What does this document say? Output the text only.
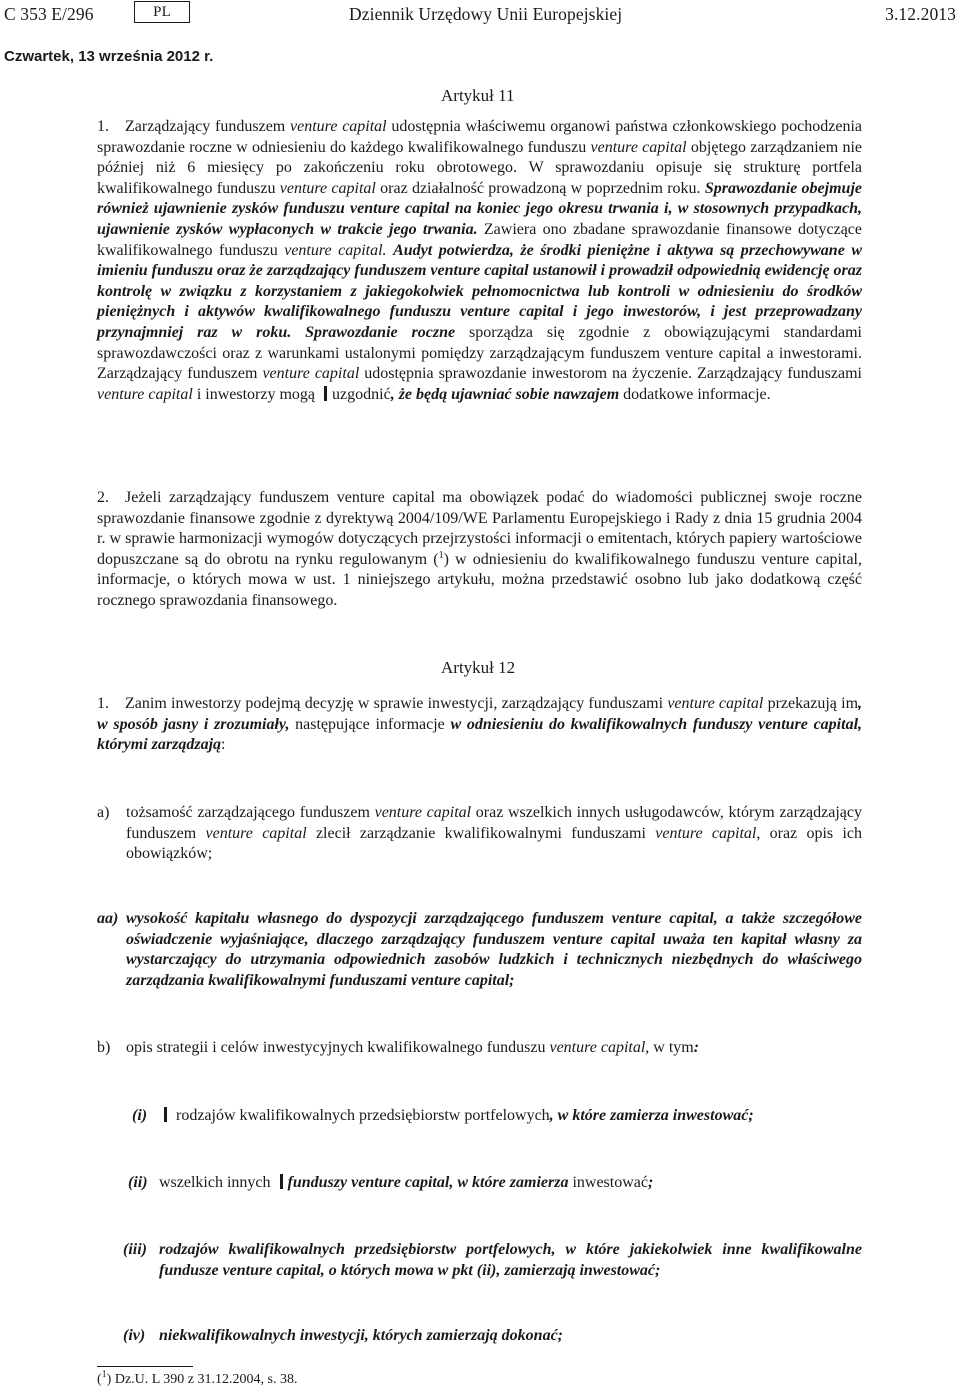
C 353 E/296	PL	Dziennik Urzędowy Unii Europejskiej	3.12.2013
Czwartek, 13 września 2012 r.
Artykuł 11

1. Zarządzający funduszem venture capital udostępnia właściwemu organowi państwa członkowskiego pochodzenia sprawozdanie roczne w odniesieniu do każdego kwalifikowalnego funduszu venture capital objętego zarządzaniem nie później niż 6 miesięcy po zakończeniu roku obrotowego. W sprawozdaniu opisuje się strukturę portfela kwalifikowalnego funduszu venture capital oraz działalność prowadzoną w poprzednim roku. Sprawozdanie obejmuje również ujawnienie zysków funduszu venture capital na koniec jego okresu trwania i, w stosownych przypadkach, ujawnienie zysków wypłaconych w trakcie jego trwania. Zawiera ono zbadane sprawozdanie finansowe dotyczące kwalifikowalnego funduszu venture capital. Audyt potwierdza, że środki pieniężne i aktywa są przechowywane w imieniu funduszu oraz że zarządzający funduszem venture capital ustanowił i prowadził odpowiednią ewidencję oraz kontrolę w związku z korzystaniem z jakiegokolwiek pełnomocnictwa lub kontroli w odniesieniu do środków pieniężnych i aktywów kwalifikowalnego funduszu venture capital i jego inwestorów, i jest przeprowadzany przynajmniej raz w roku. Sprawozdanie roczne sporządza się zgodnie z obowiązującymi standardami sprawozdawczości oraz z warunkami ustalonymi pomiędzy zarządzającym funduszem venture capital a inwestorami. Zarządzający funduszem venture capital udostępnia sprawozdanie inwestorom na życzenie. Zarządzający funduszami venture capital i inwestorzy mogą uzgodnić, że będą ujawniać sobie nawzajem dodatkowe informacje.

2. Jeżeli zarządzający funduszem venture capital ma obowiązek podać do wiadomości publicznej swoje roczne sprawozdanie finansowe zgodnie z dyrektywą 2004/109/WE Parlamentu Europejskiego i Rady z dnia 15 grudnia 2004 r. w sprawie harmonizacji wymogów dotyczących przejrzystości informacji o emitentach, których papiery wartościowe dopuszczane są do obrotu na rynku regulowanym ($^1$) w odniesieniu do kwalifikowalnego funduszu venture capital, informacje, o których mowa w ust. 1 niniejszego artykułu, można przedstawić osobno lub jako dodatkową część rocznego sprawozdania finansowego.

Artykuł 12

1. Zanim inwestorzy podejmą decyzję w sprawie inwestycji, zarządzający funduszami venture capital przekazują im, w sposób jasny i zrozumiały, następujące informacje w odniesieniu do kwalifikowalnych funduszy venture capital, którymi zarządzają:

a) tożsamość zarządzającego funduszem venture capital oraz wszelkich innych usługodawców, którym zarządzający funduszem venture capital zlecił zarządzanie kwalifikowalnymi funduszami venture capital, oraz opis ich obowiązków;
aa) wysokość kapitału własnego do dyspozycji zarządzającego funduszem venture capital, a także szczegółowe oświadczenie wyjaśniające, dlaczego zarządzający funduszem venture capital uważa ten kapitał własny za wystarczający do utrzymania odpowiednich zasobów ludzkich i technicznych niezbędnych do właściwego zarządzania kwalifikowalnymi funduszami venture capital;
b) opis strategii i celów inwestycyjnych kwalifikowalnego funduszu venture capital, w tym:
(i)	rodzajów kwalifikowalnych przedsiębiorstw portfelowych, w które zamierza inwestować;
(ii) wszelkich innych funduszy venture capital, w które zamierza inwestować;
(iii) rodzajów kwalifikowalnych przedsiębiorstw portfelowych, w które jakiekolwiek inne kwalifikowalne fundusze venture capital, o których mowa w pkt (ii), zamierzają inwestować;
(iv) niekwalifikowalnych inwestycji, których zamierzają dokonać;
($^1$) Dz.U. L 390 z 31.12.2004, s. 38.
